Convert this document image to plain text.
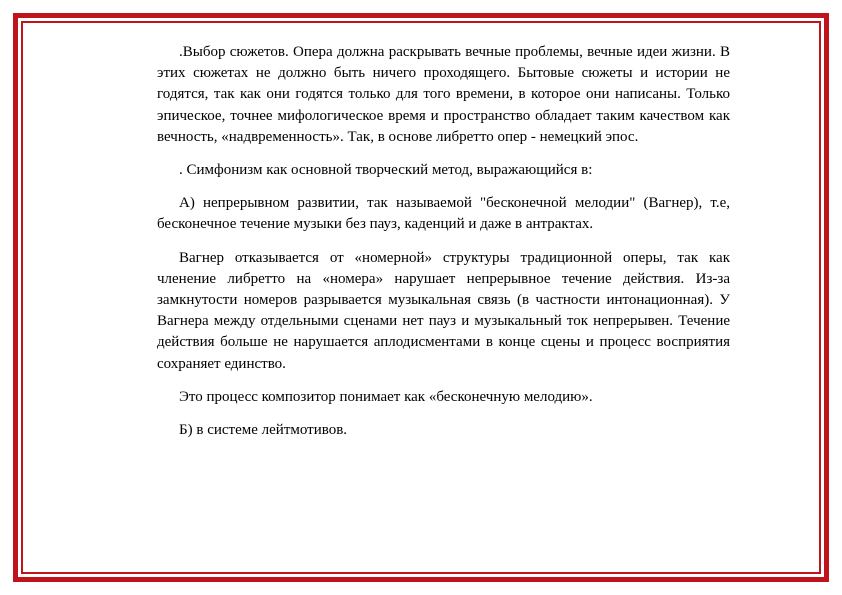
.Выбор сюжетов. Опера должна раскрывать вечные проблемы, вечные идеи жизни. В этих сюжетах не должно быть ничего проходящего. Бытовые сюжеты и истории не годятся, так как они годятся только для того времени, в которое они написаны. Только эпическое, точнее мифологическое время и пространство обладает таким качеством как вечность, «надвременность». Так, в основе либретто опер - немецкий эпос.

. Симфонизм как основной творческий метод, выражающийся в:

А) непрерывном развитии, так называемой "бесконечной мелодии" (Вагнер), т.е, бесконечное течение музыки без пауз, каденций и даже в антрактах.

Вагнер отказывается от «номерной» структуры традиционной оперы, так как членение либретто на «номера» нарушает непрерывное течение действия. Из-за замкнутости номеров разрывается музыкальная связь (в частности интонационная). У Вагнера между отдельными сценами нет пауз и музыкальный ток непрерывен. Течение действия больше не нарушается аплодисментами в конце сцены и процесс восприятия сохраняет единство.

Это процесс композитор понимает как «бесконечную мелодию».

Б) в системе лейтмотивов.
